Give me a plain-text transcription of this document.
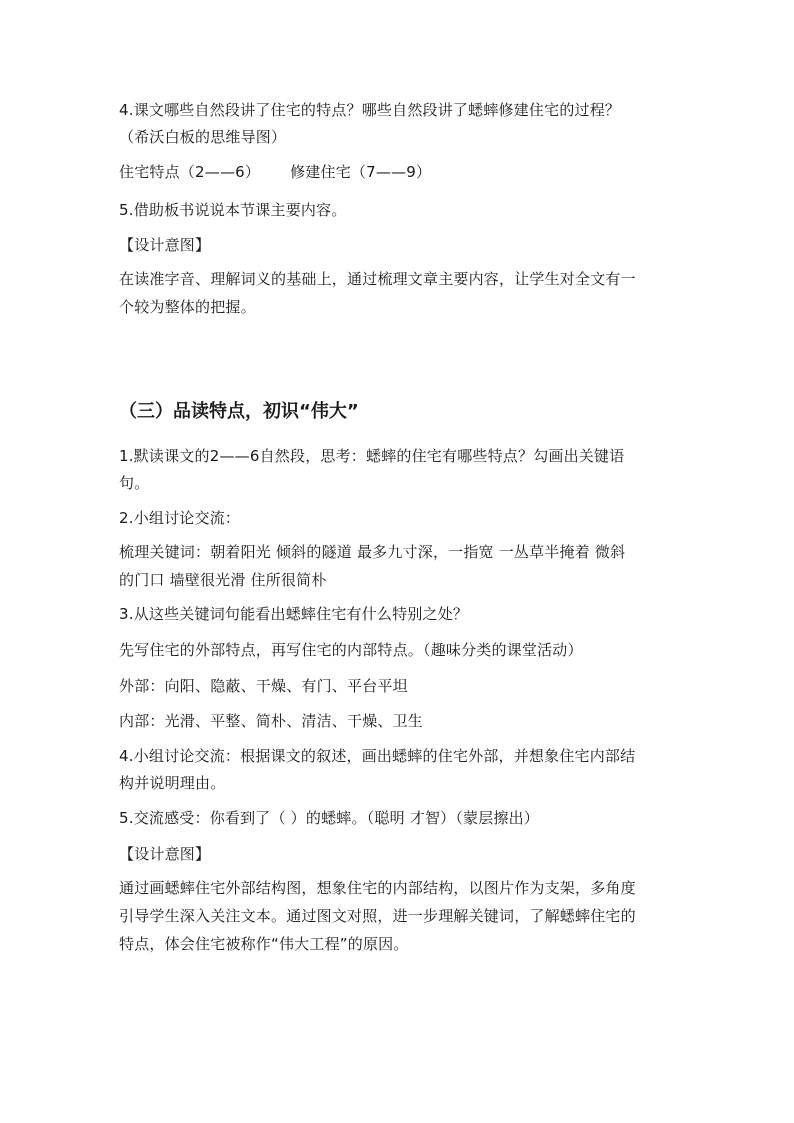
4.课文哪些自然段讲了住宅的特点？哪些自然段讲了蟋蟀修建住宅的过程？
（希沃白板的思维导图）
住宅特点（2——6） 修建住宅（7——9）
5.借助板书说说本节课主要内容。
【设计意图】
在读准字音、理解词义的基础上，通过梳理文章主要内容，让学生对全文有一
个较为整体的把握。
（三）品读特点，初识“伟大”
1.默读课文的2——6自然段，思考：蟋蟀的住宅有哪些特点？勾画出关键语
句。
2.小组讨论交流：
梳理关键词：朝着阳光 倾斜的隧道 最多九寸深，一指宽 一丛草半掩着 微斜
的门口 墙壁很光滑 住所很简朴
3.从这些关键词句能看出蟋蟀住宅有什么特别之处？
先写住宅的外部特点，再写住宅的内部特点。（趣味分类的课堂活动）
外部：向阳、隐蔽、干燥、有门、平台平坦
内部：光滑、平整、简朴、清洁、干燥、卫生
4.小组讨论交流：根据课文的叙述，画出蟋蟀的住宅外部，并想象住宅内部结
构并说明理由。
5.交流感受：你看到了（ ）的蟋蟀。（聪明 才智）（蒙层擦出）
【设计意图】
通过画蟋蟀住宅外部结构图，想象住宅的内部结构，以图片作为支架，多角度
引导学生深入关注文本。通过图文对照，进一步理解关键词，了解蟋蟀住宅的
特点，体会住宅被称作“伟大工程”的原因。
